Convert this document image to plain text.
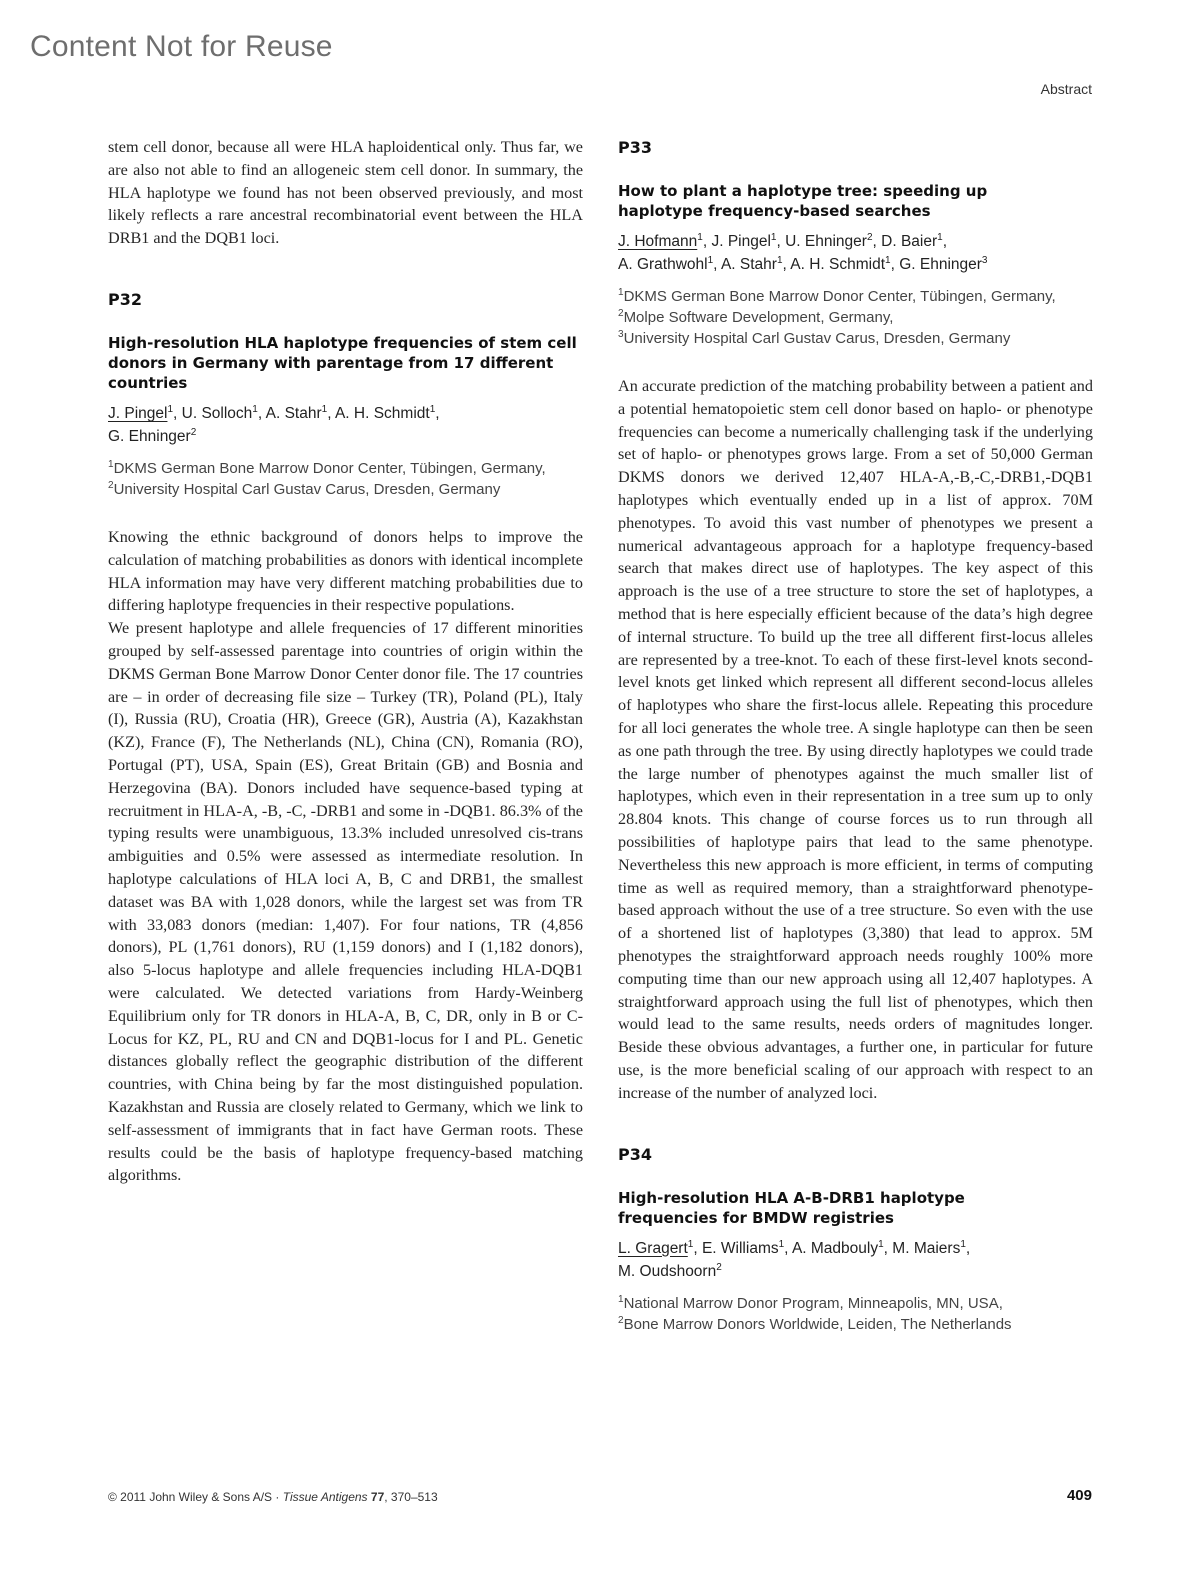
Content Not for Reuse
Abstract

stem cell donor, because all were HLA haploidentical only. Thus far, we are also not able to find an allogeneic stem cell donor. In summary, the HLA haplotype we found has not been observed previously, and most likely reflects a rare ancestral recombinatorial event between the HLA DRB1 and the DQB1 loci.

P32
High-resolution HLA haplotype frequencies of stem cell donors in Germany with parentage from 17 different countries
J. Pingel$^1$, U. Solloch$^1$, A. Stahr$^1$, A. H. Schmidt$^1$,
G. Ehninger$^2$
$^1$DKMS German Bone Marrow Donor Center, Tübingen, Germany, $^2$University Hospital Carl Gustav Carus, Dresden, Germany

Knowing the ethnic background of donors helps to improve the calculation of matching probabilities as donors with identical incomplete HLA information may have very different matching probabilities due to differing haplotype frequencies in their respective populations.

We present haplotype and allele frequencies of 17 different minorities grouped by self-assessed parentage into countries of origin within the DKMS German Bone Marrow Donor Center donor file. The 17 countries are – in order of decreasing file size – Turkey (TR), Poland (PL), Italy (I), Russia (RU), Croatia (HR), Greece (GR), Austria (A), Kazakhstan (KZ), France (F), The Netherlands (NL), China (CN), Romania (RO), Portugal (PT), USA, Spain (ES), Great Britain (GB) and Bosnia and Herzegovina (BA). Donors included have sequence-based typing at recruitment in HLA-A, -B, -C, -DRB1 and some in -DQB1. 86.3% of the typing results were unambiguous, 13.3% included unresolved cis-trans ambiguities and 0.5% were assessed as intermediate resolution. In haplotype calculations of HLA loci A, B, C and DRB1, the smallest dataset was BA with 1,028 donors, while the largest set was from TR with 33,083 donors (median: 1,407). For four nations, TR (4,856 donors), PL (1,761 donors), RU (1,159 donors) and I (1,182 donors), also 5-locus haplotype and allele frequencies including HLA-DQB1 were calculated. We detected variations from Hardy-Weinberg Equilibrium only for TR donors in HLA-A, B, C, DR, only in B or C-Locus for KZ, PL, RU and CN and DQB1-locus for I and PL. Genetic distances globally reflect the geographic distribution of the different countries, with China being by far the most distinguished population. Kazakhstan and Russia are closely related to Germany, which we link to self-assessment of immigrants that in fact have German roots. These results could be the basis of haplotype frequency-based matching algorithms.

P33
How to plant a haplotype tree: speeding up haplotype frequency-based searches
J. Hofmann$^1$, J. Pingel$^1$, U. Ehninger$^2$, D. Baier$^1$,
A. Grathwohl$^1$, A. Stahr$^1$, A. H. Schmidt$^1$, G. Ehninger$^3$
$^1$DKMS German Bone Marrow Donor Center, Tübingen, Germany, $^2$Molpe Software Development, Germany,
$^3$University Hospital Carl Gustav Carus, Dresden, Germany

An accurate prediction of the matching probability between a patient and a potential hematopoietic stem cell donor based on haplo- or phenotype frequencies can become a numerically challenging task if the underlying set of haplo- or phenotypes grows large. From a set of 50,000 German DKMS donors we derived 12,407 HLA-A,-B,-C,-DRB1,-DQB1 haplotypes which eventually ended up in a list of approx. 70M phenotypes. To avoid this vast number of phenotypes we present a numerical advantageous approach for a haplotype frequency-based search that makes direct use of haplotypes. The key aspect of this approach is the use of a tree structure to store the set of haplotypes, a method that is here especially efficient because of the data’s high degree of internal structure. To build up the tree all different first-locus alleles are represented by a tree-knot. To each of these first-level knots second-level knots get linked which represent all different second-locus alleles of haplotypes who share the first-locus allele. Repeating this procedure for all loci generates the whole tree. A single haplotype can then be seen as one path through the tree. By using directly haplotypes we could trade the large number of phenotypes against the much smaller list of haplotypes, which even in their representation in a tree sum up to only 28.804 knots. This change of course forces us to run through all possibilities of haplotype pairs that lead to the same phenotype. Nevertheless this new approach is more efficient, in terms of computing time as well as required memory, than a straightforward phenotype-based approach without the use of a tree structure. So even with the use of a shortened list of haplotypes (3,380) that lead to approx. 5M phenotypes the straightforward approach needs roughly 100% more computing time than our new approach using all 12,407 haplotypes. A straightforward approach using the full list of phenotypes, which then would lead to the same results, needs orders of magnitudes longer. Beside these obvious advantages, a further one, in particular for future use, is the more beneficial scaling of our approach with respect to an increase of the number of analyzed loci.

P34
High-resolution HLA A-B-DRB1 haplotype frequencies for BMDW registries
L. Gragert$^1$, E. Williams$^1$, A. Madbouly$^1$, M. Maiers$^1$,
M. Oudshoorn$^2$
$^1$National Marrow Donor Program, Minneapolis, MN, USA,
$^2$Bone Marrow Donors Worldwide, Leiden, The Netherlands
© 2011 John Wiley & Sons A/S · Tissue Antigens 77, 370–513	409
